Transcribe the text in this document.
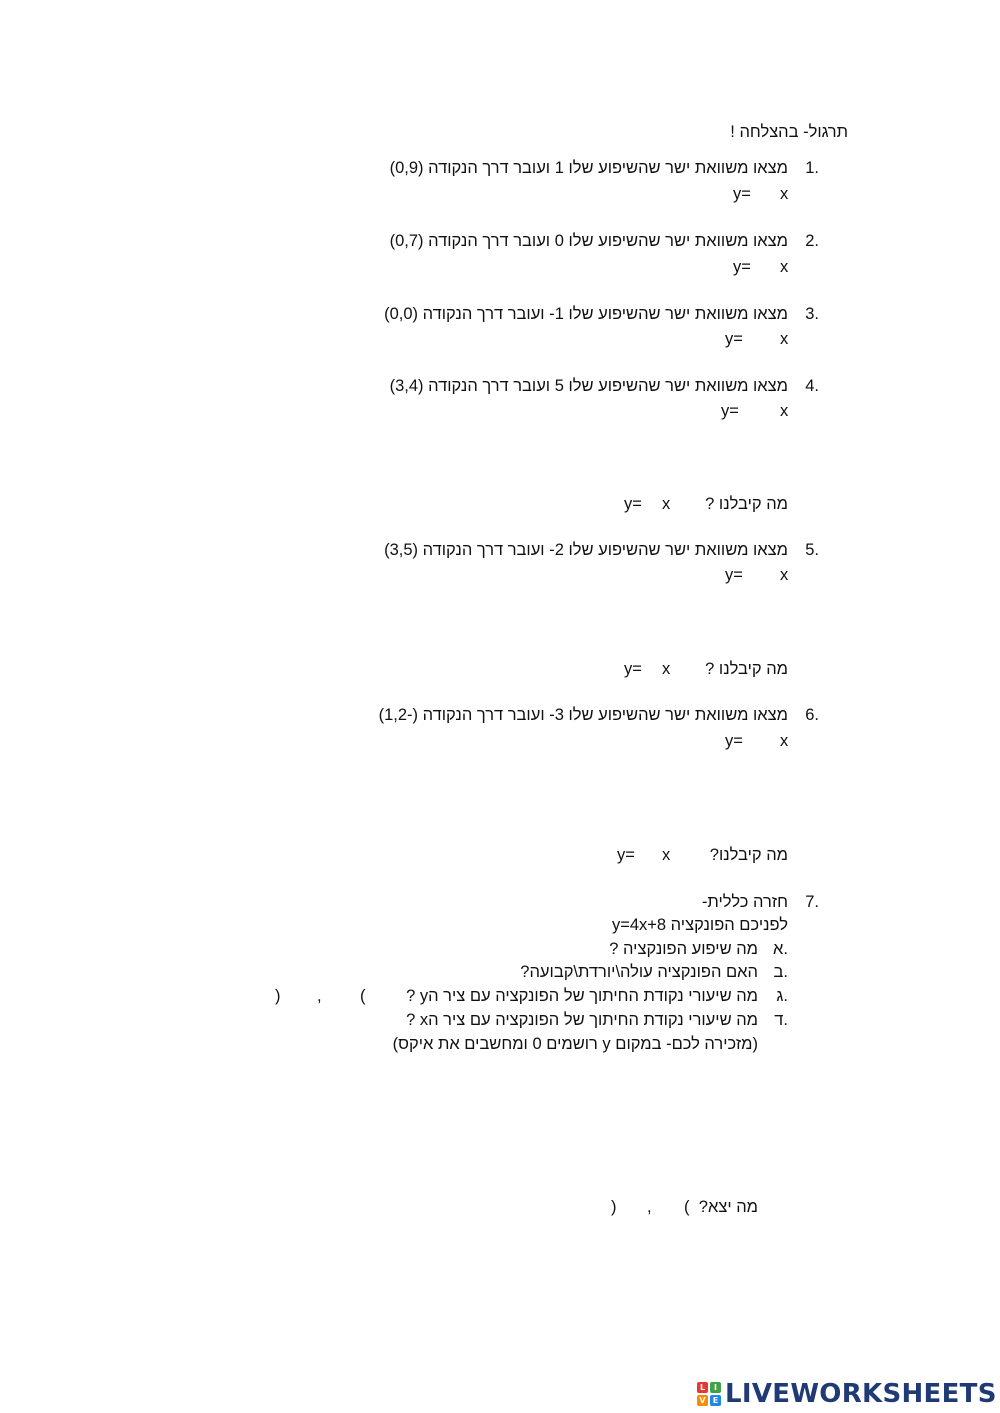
תרגול- בהצלחה !
1.
מצאו משוואת ישר שהשיפוע שלו 1 ועובר דרך הנקודה (0,9)
y= x
2.
מצאו משוואת ישר שהשיפוע שלו 0 ועובר דרך הנקודה (0,7)
y= x
3.
מצאו משוואת ישר שהשיפוע שלו 1- ועובר דרך הנקודה (0,0)
y= x
4.
מצאו משוואת ישר שהשיפוע שלו 5 ועובר דרך הנקודה (3,4)
y= x
מה קיבלנו ?
x
y=
5.
מצאו משוואת ישר שהשיפוע שלו 2- ועובר דרך הנקודה (3,5)
y= x
מה קיבלנו ?
x
y=
6.
מצאו משוואת ישר שהשיפוע שלו 3- ועובר דרך הנקודה (-1,2)
y= x
מה קיבלנו?
x
y=
7.
חזרה כללית-
לפניכם הפונקציה y=4x+8
א.
מה שיפוע הפונקציה ?
ב.
האם הפונקציה עולה\יורדת\קבועה?
ג.
מה שיעורי נקודת החיתוך של הפונקציה עם ציר הy ?
(
,
)
ד.
מה שיעורי נקודת החיתוך של הפונקציה עם ציר הx ?
(מזכירה לכם- במקום y רושמים 0 ומחשבים את איקס)
מה יצא?
(
,
)
L	I
V E LIVEWORKSHEETS
